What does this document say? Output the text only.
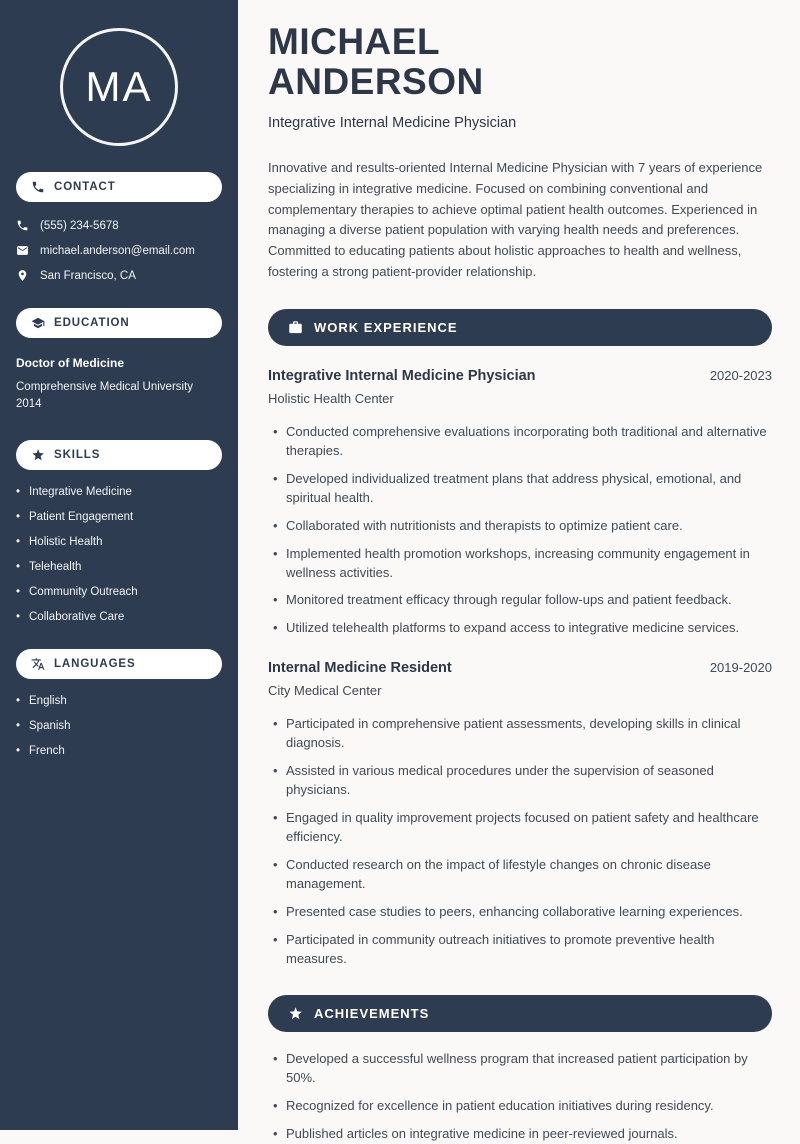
MA
CONTACT
(555) 234-5678
michael.anderson@email.com
San Francisco, CA
EDUCATION
Doctor of Medicine
Comprehensive Medical University
2014
SKILLS
• Integrative Medicine
• Patient Engagement
• Holistic Health
• Telehealth
• Community Outreach
• Collaborative Care
LANGUAGES
• English
• Spanish
• French
MICHAEL
ANDERSON
Integrative Internal Medicine Physician

Innovative and results-oriented Internal Medicine Physician with 7 years of experience specializing in integrative medicine. Focused on combining conventional and complementary therapies to achieve optimal patient health outcomes. Experienced in managing a diverse patient population with varying health needs and preferences. Committed to educating patients about holistic approaches to health and wellness, fostering a strong patient-provider relationship.

WORK EXPERIENCE
Integrative Internal Medicine Physician	2020-2023
Holistic Health Center
• Conducted comprehensive evaluations incorporating both traditional and alternative therapies.
• Developed individualized treatment plans that address physical, emotional, and spiritual health.
• Collaborated with nutritionists and therapists to optimize patient care.
• Implemented health promotion workshops, increasing community engagement in wellness activities.
• Monitored treatment efficacy through regular follow-ups and patient feedback.
• Utilized telehealth platforms to expand access to integrative medicine services.
Internal Medicine Resident	2019-2020
City Medical Center
• Participated in comprehensive patient assessments, developing skills in clinical diagnosis.
• Assisted in various medical procedures under the supervision of seasoned physicians.
• Engaged in quality improvement projects focused on patient safety and healthcare efficiency.
• Conducted research on the impact of lifestyle changes on chronic disease management.
• Presented case studies to peers, enhancing collaborative learning experiences.
• Participated in community outreach initiatives to promote preventive health measures.
ACHIEVEMENTS
• Developed a successful wellness program that increased patient participation by 50%.
• Recognized for excellence in patient education initiatives during residency.
• Published articles on integrative medicine in peer-reviewed journals.
